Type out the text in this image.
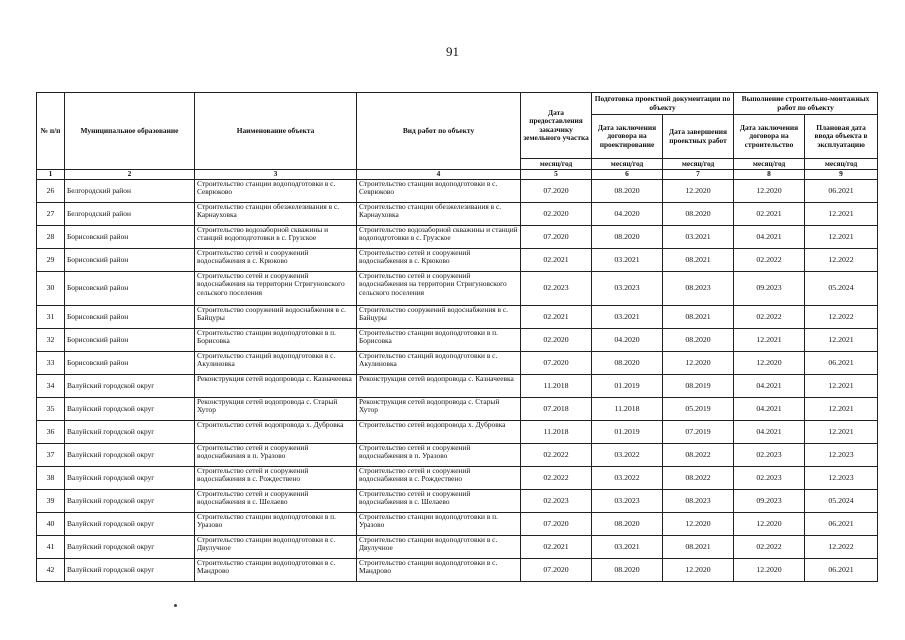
91
№ п/п	Муниципальное образование	Наименование объекта	Вид работ по объекту	Дата предоставления заказчику земельного участка	Подготовка проектной документации по объекту		Выполнение строительно-монтажных работ по объекту	
					Дата заключения договора на проектирование	Дата завершения проектных работ	Дата заключения договора на строительство	Плановая дата ввода объекта в эксплуатацию
				месяц/год	месяц/год	месяц/год	месяц/год	месяц/год
1	2	3	4	5	6	7	8	9
26	Белгородский район	Строительство станции водоподготовки в с. Севрюково	Строительство станции водоподготовки в с. Севрюково	07.2020	08.2020	12.2020	12.2020	06.2021
27	Белгородский район	Строительство станции обезжелезивания в с. Карнауховка	Строительство станции обезжелезивания в с. Карнауховка	02.2020	04.2020	08.2020	02.2021	12.2021
28	Борисовский район	Строительство водозаборной скважины и станций водоподготовки в с. Грузское	Строительство водозаборной скважины и станций водоподготовки в с. Грузское	07.2020	08.2020	03.2021	04.2021	12.2021
29	Борисовский район	Строительство сетей и сооружений водоснабжения в с. Крюково	Строительство сетей и сооружений водоснабжения в с. Крюково	02.2021	03.2021	08.2021	02.2022	12.2022
30	Борисовский район	Строительство сетей и сооружений водоснабжения на территории Стригуновского сельского поселения	Строительство сетей и сооружений водоснабжения на территории Стригуновского сельского поселения	02.2023	03.2023	08.2023	09.2023	05.2024
31	Борисовский район	Строительство сооружений водоснабжения в с. Байцуры	Строительство сооружений водоснабжения в с. Байцуры	02.2021	03.2021	08.2021	02.2022	12.2022
32	Борисовский район	Строительство станции водоподготовки в п. Борисовка	Строительство станции водоподготовки в п. Борисовка	02.2020	04.2020	08.2020	12.2021	12.2021
33	Борисовский район	Строительство станций водоподготовки в с. Акулиновка	Строительство станций водоподготовки в с. Акулиновка	07.2020	08.2020	12.2020	12.2020	06.2021
34	Валуйский городской округ	Реконструкция сетей водопровода с. Казначеевка	Реконструкция сетей водопровода с. Казначеевка	11.2018	01.2019	08.2019	04.2021	12.2021
35	Валуйский городской округ	Реконструкция сетей водопровода с. Старый Хутор	Реконструкция сетей водопровода с. Старый Хутор	07.2018	11.2018	05.2019	04.2021	12.2021
36	Валуйский городской округ	Строительство сетей водопровода х. Дубровка	Строительство сетей водопровода х. Дубровка	11.2018	01.2019	07.2019	04.2021	12.2021
37	Валуйский городской округ	Строительство сетей и сооружений водоснабжения в п. Уразово	Строительство сетей и сооружений водоснабжения в п. Уразово	02.2022	03.2022	08.2022	02.2023	12.2023
38	Валуйский городской округ	Строительство сетей и сооружений водоснабжения в с. Рождествено	Строительство сетей и сооружений водоснабжения в с. Рождествено	02.2022	03.2022	08.2022	02.2023	12.2023
39	Валуйский городской округ	Строительство сетей и сооружений водоснабжения в с. Шелаево	Строительство сетей и сооружений водоснабжения в с. Шелаево	02.2023	03.2023	08.2023	09.2023	05.2024
40	Валуйский городской округ	Строительство станции водоподготовки в п. Уразово	Строительство станции водоподготовки в п. Уразово	07.2020	08.2020	12.2020	12.2020	06.2021
41	Валуйский городской округ	Строительство станции водоподготовки в с. Двулучное	Строительство станции водоподготовки в с. Двулучное	02.2021	03.2021	08.2021	02.2022	12.2022
42	Валуйский городской округ	Строительство станции водоподготовки в с. Мандрово	Строительство станции водоподготовки в с. Мандрово	07.2020	08.2020	12.2020	12.2020	06.2021
